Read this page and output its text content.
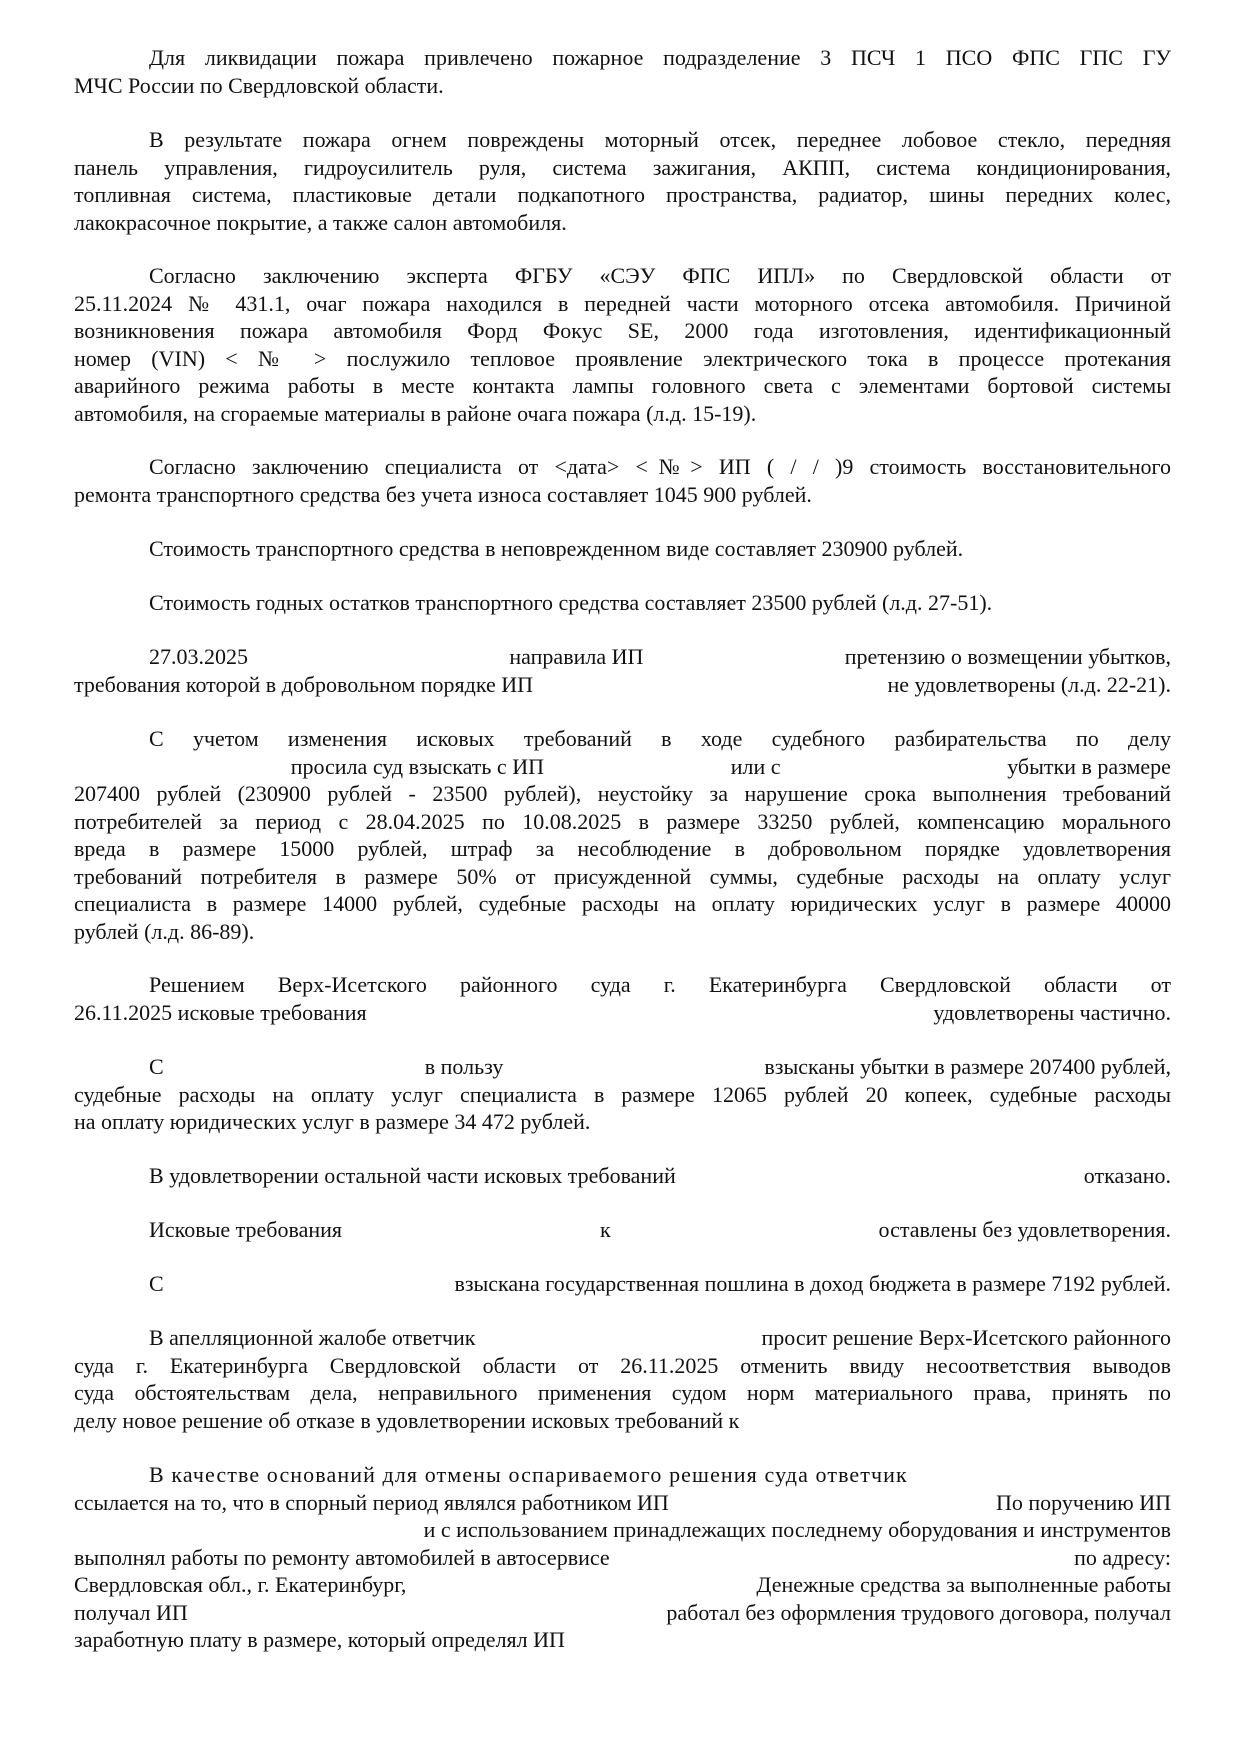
Для ликвидации пожара привлечено пожарное подразделение 3 ПСЧ 1 ПСО ФПС ГПС ГУ
МЧС России по Свердловской области.
В результате пожара огнем повреждены моторный отсек, переднее лобовое стекло, передняя
панель управления, гидроусилитель руля, система зажигания, АКПП, система кондиционирования,
топливная система, пластиковые детали подкапотного пространства, радиатор, шины передних колес,
лакокрасочное покрытие, а также салон автомобиля.
Согласно заключению эксперта ФГБУ «СЭУ ФПС ИПЛ» по Свердловской области от
25.11.2024 № 431.1, очаг пожара находился в передней части моторного отсека автомобиля. Причиной
возникновения пожара автомобиля Форд Фокус SE, 2000 года изготовления, идентификационный
номер (VIN) < № > послужило тепловое проявление электрического тока в процессе протекания
аварийного режима работы в месте контакта лампы головного света с элементами бортовой системы
автомобиля, на сгораемые материалы в районе очага пожара (л.д. 15-19).
Согласно заключению специалиста от <дата> <№> ИП ( / / )9 стоимость восстановительного
ремонта транспортного средства без учета износа составляет 1045 900 рублей.
Стоимость транспортного средства в неповрежденном виде составляет 230900 рублей.
Стоимость годных остатков транспортного средства составляет 23500 рублей (л.д. 27-51).
27.03.2025	направила ИП	претензию о возмещении убытков,
требования которой в добровольном порядке ИП	не удовлетворены (л.д. 22-21).
С учетом изменения исковых требований в ходе судебного разбирательства по делу
просила суд взыскать с ИП	или с	убытки в размере
207400 рублей (230900 рублей - 23500 рублей), неустойку за нарушение срока выполнения требований
потребителей за период с 28.04.2025 по 10.08.2025 в размере 33250 рублей, компенсацию морального
вреда в размере 15000 рублей, штраф за несоблюдение в добровольном порядке удовлетворения
требований потребителя в размере 50% от присужденной суммы, судебные расходы на оплату услуг
специалиста в размере 14000 рублей, судебные расходы на оплату юридических услуг в размере 40000
рублей (л.д. 86-89).
Решением Верх-Исетского районного суда г. Екатеринбурга Свердловской области от
26.11.2025 исковые требования	удовлетворены частично.
С	в пользу	взысканы убытки в размере 207400 рублей,
судебные расходы на оплату услуг специалиста в размере 12065 рублей 20 копеек, судебные расходы
на оплату юридических услуг в размере 34 472 рублей.
В удовлетворении остальной части исковых требований	отказано.
Исковые требования	к	оставлены без удовлетворения.
С	взыскана государственная пошлина в доход бюджета в размере 7192 рублей.
В апелляционной жалобе ответчик	просит решение Верх-Исетского районного
суда г. Екатеринбурга Свердловской области от 26.11.2025 отменить ввиду несоответствия выводов
суда обстоятельствам дела, неправильного применения судом норм материального права, принять по
делу новое решение об отказе в удовлетворении исковых требований к
В качестве оснований для отмены оспариваемого решения суда ответчик
ссылается на то, что в спорный период являлся работником ИП	По поручению ИП
и с использованием принадлежащих последнему оборудования и инструментов
выполнял работы по ремонту автомобилей в автосервисе	по адресу:
Свердловская обл., г. Екатеринбург,	Денежные средства за выполненные работы
получал ИП	работал без оформления трудового договора, получал
заработную плату в размере, который определял ИП
